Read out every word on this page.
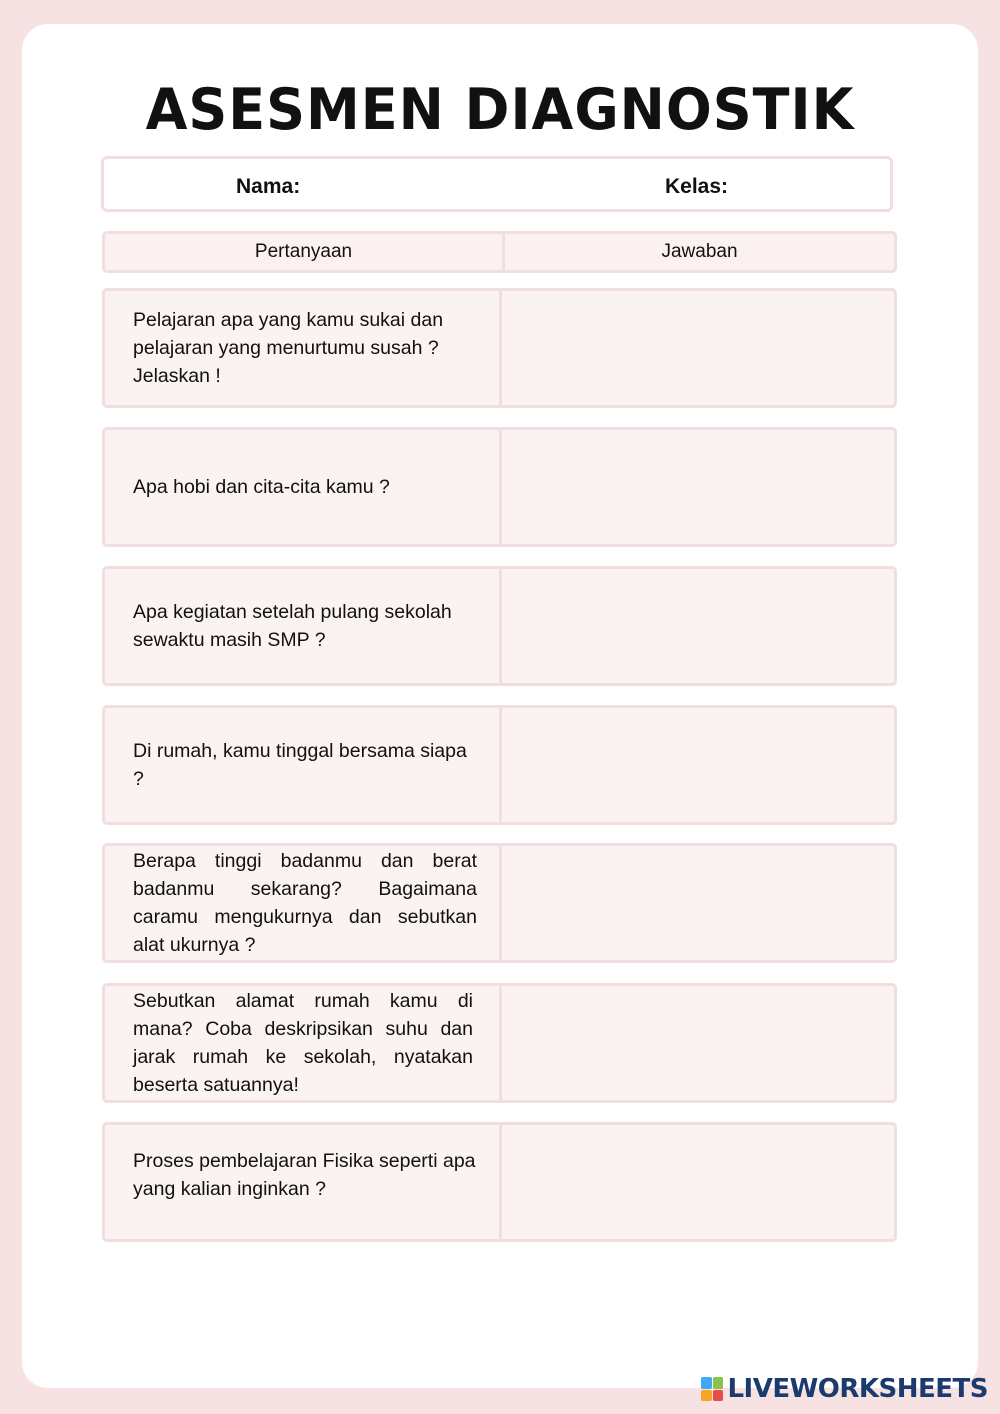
ASESMEN DIAGNOSTIK
Nama:	Kelas:
Pertanyaan	Jawaban
Pelajaran apa yang kamu sukai dan pelajaran yang menurtumu susah ? Jelaskan !
Apa hobi dan cita-cita kamu ?
Apa kegiatan setelah pulang sekolah sewaktu masih SMP ?
Di rumah, kamu tinggal bersama siapa ?
Berapa tinggi badanmu dan berat badanmu sekarang? Bagaimana caramu mengukurnya dan sebutkan alat ukurnya ?
Sebutkan alamat rumah kamu di mana? Coba deskripsikan suhu dan jarak rumah ke sekolah, nyatakan beserta satuannya!
Proses pembelajaran Fisika seperti apa yang kalian inginkan ?
LIVEWORKSHEETS
